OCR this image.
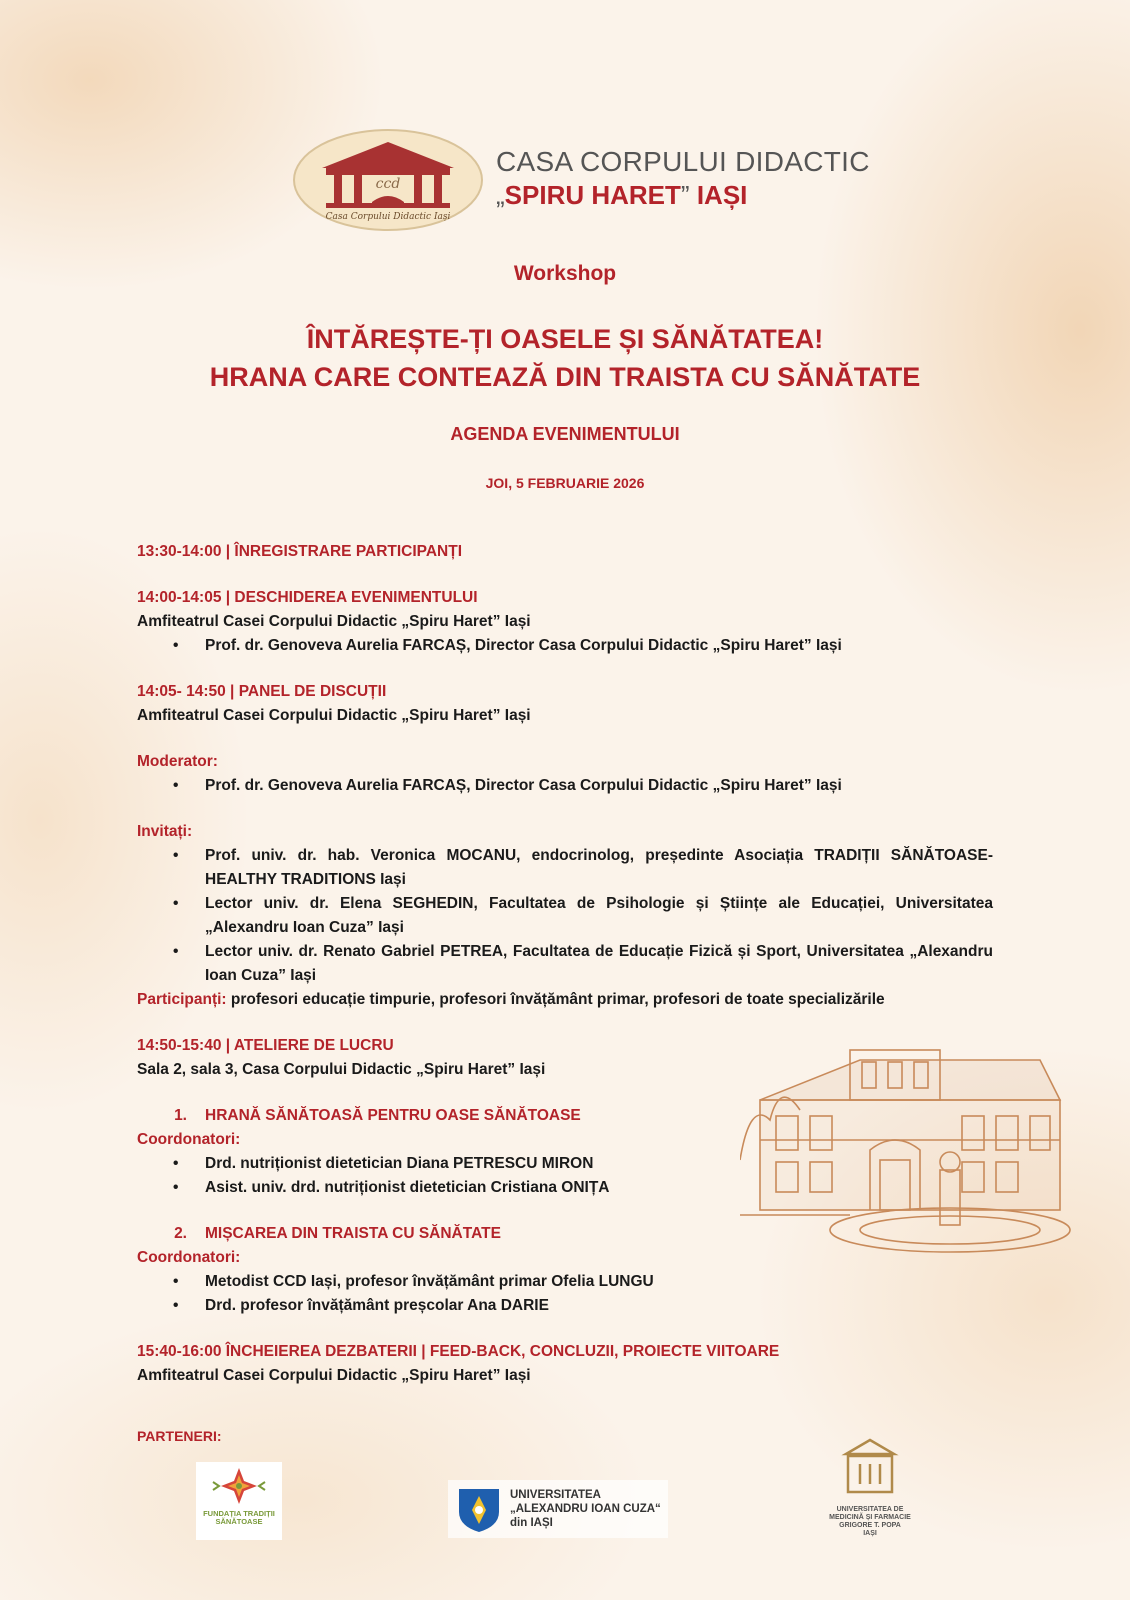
ccd
Casa Corpului Didactic Iași
CASA CORPULUI DIDACTIC
„SPIRU HARET” IAȘI
Workshop
ÎNTĂREȘTE-ȚI OASELE ȘI SĂNĂTATEA!
HRANA CARE CONTEAZĂ DIN TRAISTA CU SĂNĂTATE
AGENDA EVENIMENTULUI
JOI, 5 FEBRUARIE 2026
13:30-14:00 | ÎNREGISTRARE PARTICIPANȚI
14:00-14:05 | DESCHIDEREA EVENIMENTULUI
Amfiteatrul Casei Corpului Didactic „Spiru Haret” Iași
• Prof. dr. Genoveva Aurelia FARCAȘ, Director Casa Corpului Didactic „Spiru Haret” Iași
14:05- 14:50 | PANEL DE DISCUȚII
Amfiteatrul Casei Corpului Didactic „Spiru Haret” Iași
Moderator:
• Prof. dr. Genoveva Aurelia FARCAȘ, Director Casa Corpului Didactic „Spiru Haret” Iași
Invitați:
• Prof. univ. dr. hab. Veronica MOCANU, endocrinolog, președinte Asociația TRADIȚII SĂNĂTOASE-HEALTHY TRADITIONS Iași
• Lector univ. dr. Elena SEGHEDIN, Facultatea de Psihologie și Științe ale Educației, Universitatea „Alexandru Ioan Cuza” Iași
• Lector univ. dr. Renato Gabriel PETREA, Facultatea de Educație Fizică și Sport, Universitatea „Alexandru Ioan Cuza” Iași
Participanți: profesori educație timpurie, profesori învățământ primar, profesori de toate specializările
14:50-15:40 | ATELIERE DE LUCRU
Sala 2, sala 3, Casa Corpului Didactic „Spiru Haret” Iași
1.	HRANĂ SĂNĂTOASĂ PENTRU OASE SĂNĂTOASE
Coordonatori:
• Drd. nutriționist dietetician Diana PETRESCU MIRON
• Asist. univ. drd. nutriționist dietetician Cristiana ONIȚA
2.	MIȘCAREA DIN TRAISTA CU SĂNĂTATE
Coordonatori:
• Metodist CCD Iași, profesor învățământ primar Ofelia LUNGU
• Drd. profesor învățământ preșcolar Ana DARIE
15:40-16:00 ÎNCHEIEREA DEZBATERII | FEED-BACK, CONCLUZII, PROIECTE VIITOARE
Amfiteatrul Casei Corpului Didactic „Spiru Haret” Iași
PARTENERI:
FUNDAȚIA TRADIȚII SĂNĂTOASE
UNIVERSITATEA
„ALEXANDRU IOAN CUZA“
din IAȘI
UNIVERSITATEA DE
MEDICINĂ ȘI FARMACIE
GRIGORE T. POPA
IAȘI
